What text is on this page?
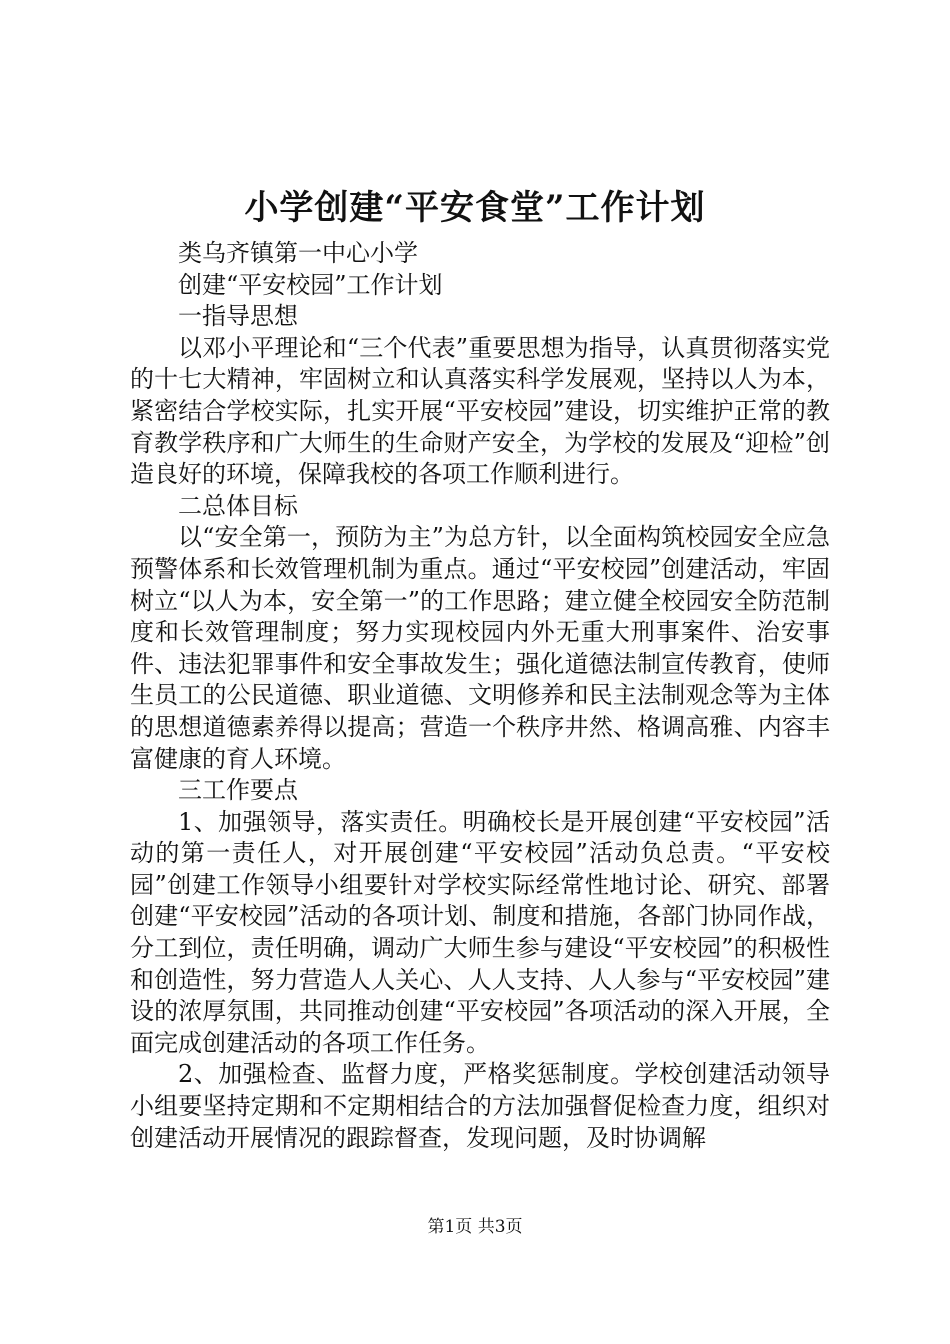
小学创建“平安食堂”工作计划

类乌齐镇第一中心小学

创建“平安校园”工作计划

一指导思想

以邓小平理论和“三个代表”重要思想为指导，认真贯彻落实党的十七大精神，牢固树立和认真落实科学发展观，坚持以人为本，紧密结合学校实际，扎实开展“平安校园”建设，切实维护正常的教育教学秩序和广大师生的生命财产安全，为学校的发展及“迎检”创造良好的环境，保障我校的各项工作顺利进行。

二总体目标

以“安全第一，预防为主”为总方针，以全面构筑校园安全应急预警体系和长效管理机制为重点。通过“平安校园”创建活动，牢固树立“以人为本，安全第一”的工作思路；建立健全校园安全防范制度和长效管理制度；努力实现校园内外无重大刑事案件、治安事件、违法犯罪事件和安全事故发生；强化道德法制宣传教育，使师生员工的公民道德、职业道德、文明修养和民主法制观念等为主体的思想道德素养得以提高；营造一个秩序井然、格调高雅、内容丰富健康的育人环境。

三工作要点

1、加强领导，落实责任。明确校长是开展创建“平安校园”活动的第一责任人，对开展创建“平安校园”活动负总责。“平安校园”创建工作领导小组要针对学校实际经常性地讨论、研究、部署创建“平安校园”活动的各项计划、制度和措施，各部门协同作战，分工到位，责任明确，调动广大师生参与建设“平安校园”的积极性和创造性，努力营造人人关心、人人支持、人人参与“平安校园”建设的浓厚氛围，共同推动创建“平安校园”各项活动的深入开展，全面完成创建活动的各项工作任务。

2、加强检查、监督力度，严格奖惩制度。学校创建活动领导小组要坚持定期和不定期相结合的方法加强督促检查力度，组织对创建活动开展情况的跟踪督查，发现问题，及时协调解

第1页 共3页
